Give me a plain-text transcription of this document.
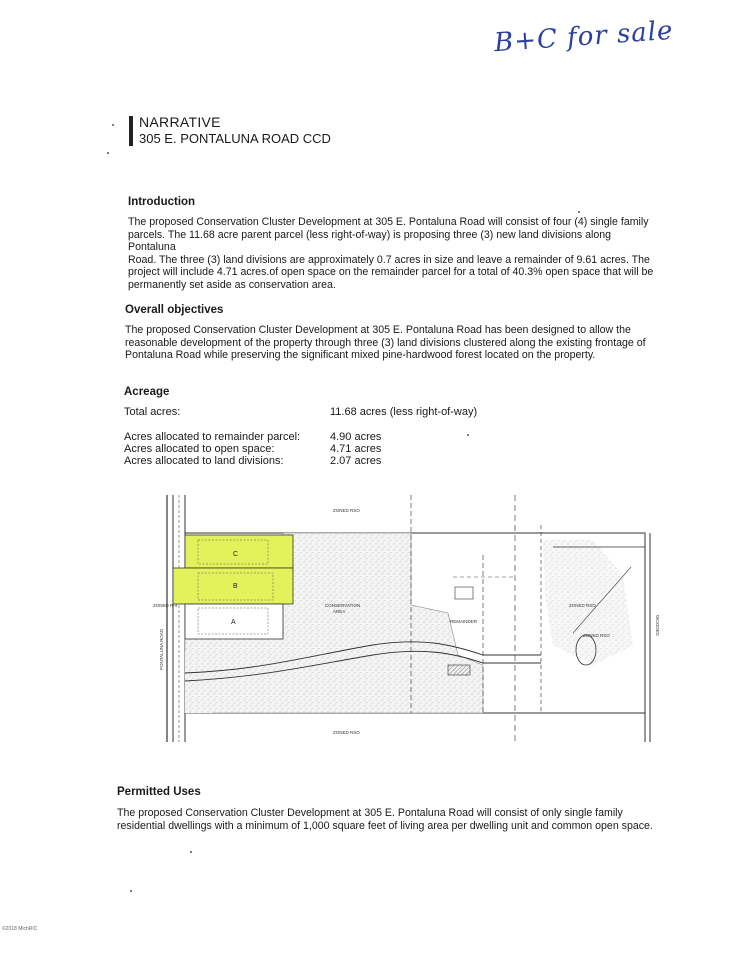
B+C for sale
NARRATIVE
305 E. PONTALUNA ROAD CCD
Introduction

The proposed Conservation Cluster Development at 305 E. Pontaluna Road will consist of four (4) single family

parcels. The 11.68 acre parent parcel (less right-of-way) is proposing three (3) new land divisions along Pontaluna

Road. The three (3) land divisions are approximately 0.7 acres in size and leave a remainder of 9.61 acres. The

project will include 4.71 acres.of open space on the remainder parcel for a total of 40.3% open space that will be

permanently set aside as conservation area.

Overall objectives

The proposed Conservation Cluster Development at 305 E. Pontaluna Road has been designed to allow the

reasonable development of the property through three (3) land divisions clustered along the existing frontage of

Pontaluna Road while preserving the significant mixed pine-hardwood forest located on the property.

Acreage
Total acres:	11.68 acres (less right-of-way)
Acres allocated to remainder parcel:	4.90 acres
Acres allocated to open space:	4.71 acres
Acres allocated to land divisions:	2.07 acres
C
B
A
PONTALUNA ROAD
CONSERVATION
AREA
REMAINDER
ZONED RSO
ZONED RSO
ZONED R-4	ZONED RSO
ZONED RSO	WOODED
Permitted Uses

The proposed Conservation Cluster Development at 305 E. Pontaluna Road will consist of only single family

residential dwellings with a minimum of 1,000 square feet of living area per dwelling unit and common open space.

©2018 MichRIC
